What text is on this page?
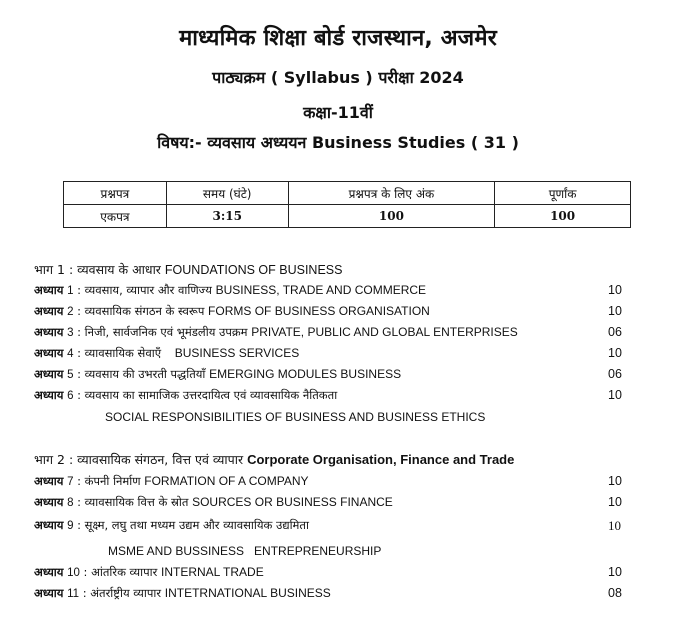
माध्यमिक शिक्षा बोर्ड राजस्थान, अजमेर
पाठ्यक्रम ( Syllabus ) परीक्षा 2024
कक्षा-11वीं
विषय:- व्यवसाय अध्ययन Business Studies ( 31 )
प्रश्नपत्र	समय (घंटे)	प्रश्नपत्र के लिए अंक	पूर्णांक
एकपत्र	3:15	100	100
भाग 1 : व्यवसाय के आधार FOUNDATIONS OF BUSINESS
अध्याय 1 : व्यवसाय, व्यापार और वाणिज्य BUSINESS, TRADE AND COMMERCE	10
अध्याय 2 : व्यवसायिक संगठन के स्वरूप FORMS OF BUSINESS ORGANISATION	10
अध्याय 3 : निजी, सार्वजनिक एवं भूमंडलीय उपक्रम PRIVATE, PUBLIC AND GLOBAL ENTERPRISES	06
अध्याय 4 : व्यावसायिक सेवाएँ BUSINESS SERVICES	10
अध्याय 5 : व्यवसाय की उभरती पद्धतियाँ EMERGING MODULES BUSINESS	06
अध्याय 6 : व्यवसाय का सामाजिक उत्तरदायित्व एवं व्यावसायिक नैतिकता	10
SOCIAL RESPONSIBILITIES OF BUSINESS AND BUSINESS ETHICS
भाग 2 : व्यावसायिक संगठन, वित्त एवं व्यापार Corporate Organisation, Finance and Trade
अध्याय 7 : कंपनी निर्माण FORMATION OF A COMPANY	10
अध्याय 8 : व्यावसायिक वित्त के स्रोत SOURCES OR BUSINESS FINANCE	10
अध्याय 9 : सूक्ष्म, लघु तथा मध्यम उद्यम और व्यावसायिक उद्यमिता	10
MSME AND BUSSINESS   ENTREPRENEURSHIP
अध्याय 10 : आंतरिक व्यापार INTERNAL TRADE	10
अध्याय 11 : अंतर्राष्ट्रीय व्यापार INTETRNATIONAL BUSINESS	08
